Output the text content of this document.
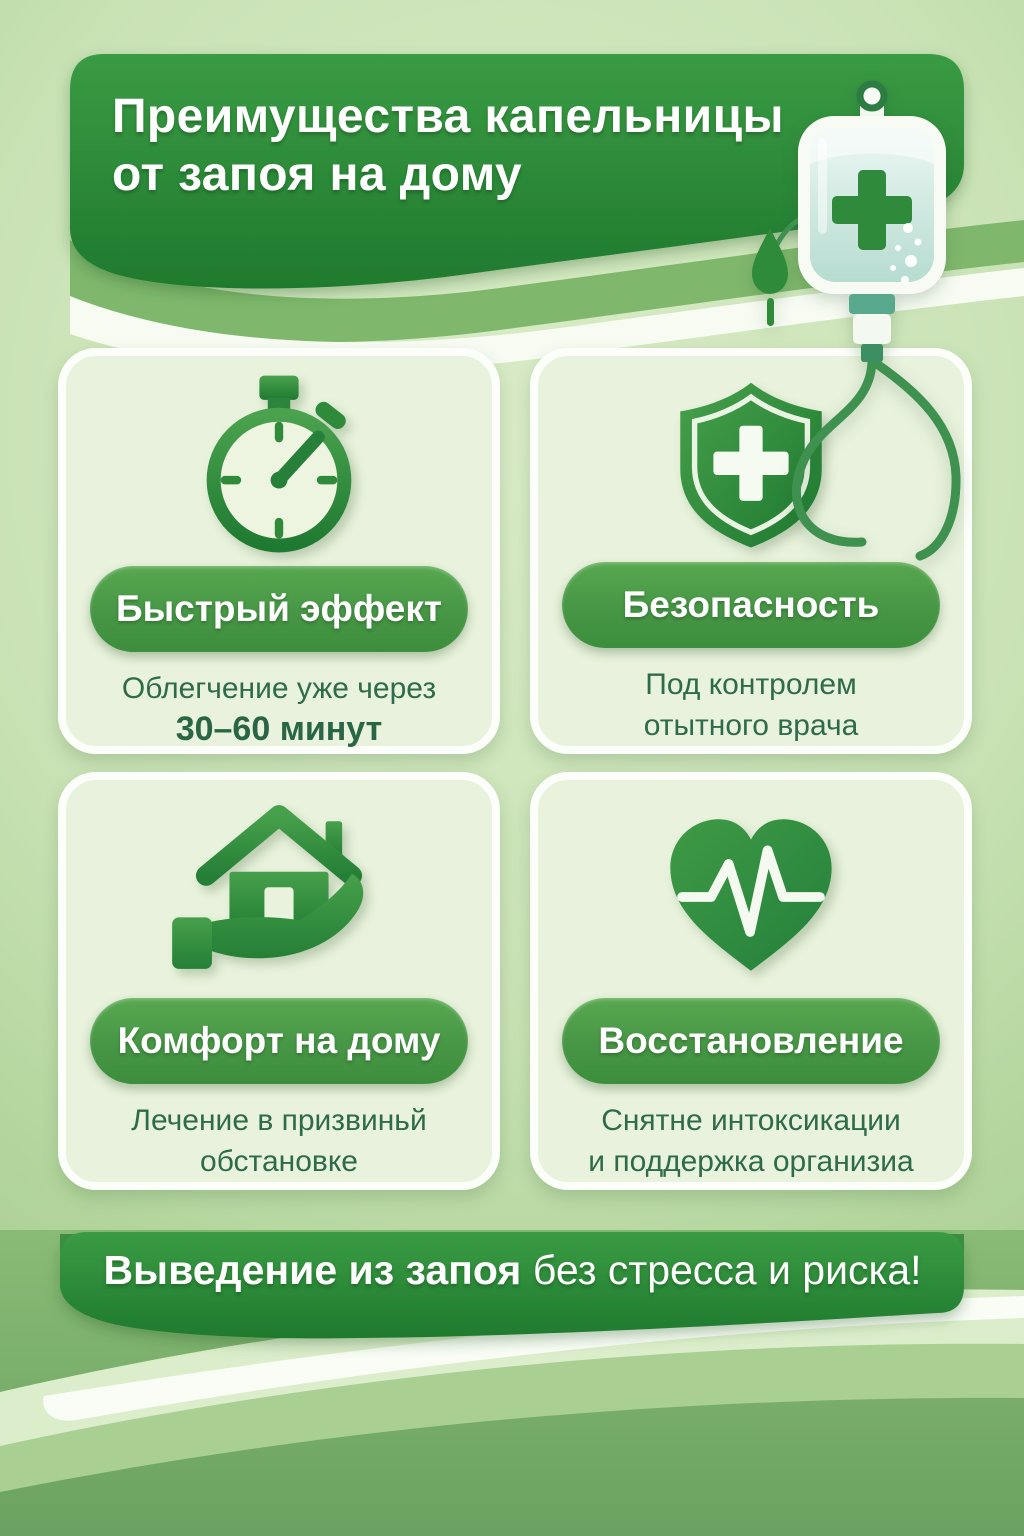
Преимущества капельницы
от запоя на дому
Быстрый эффект
Облегчение уже через
30–60 минут
Безопасность
Под контролем
отытного врача
Комфорт на дому
Лечение в призвиньй
обстановке
Восстановление
Снятне интоксикации
и поддержка организиа
Выведение из запоя без стресса и риска!
